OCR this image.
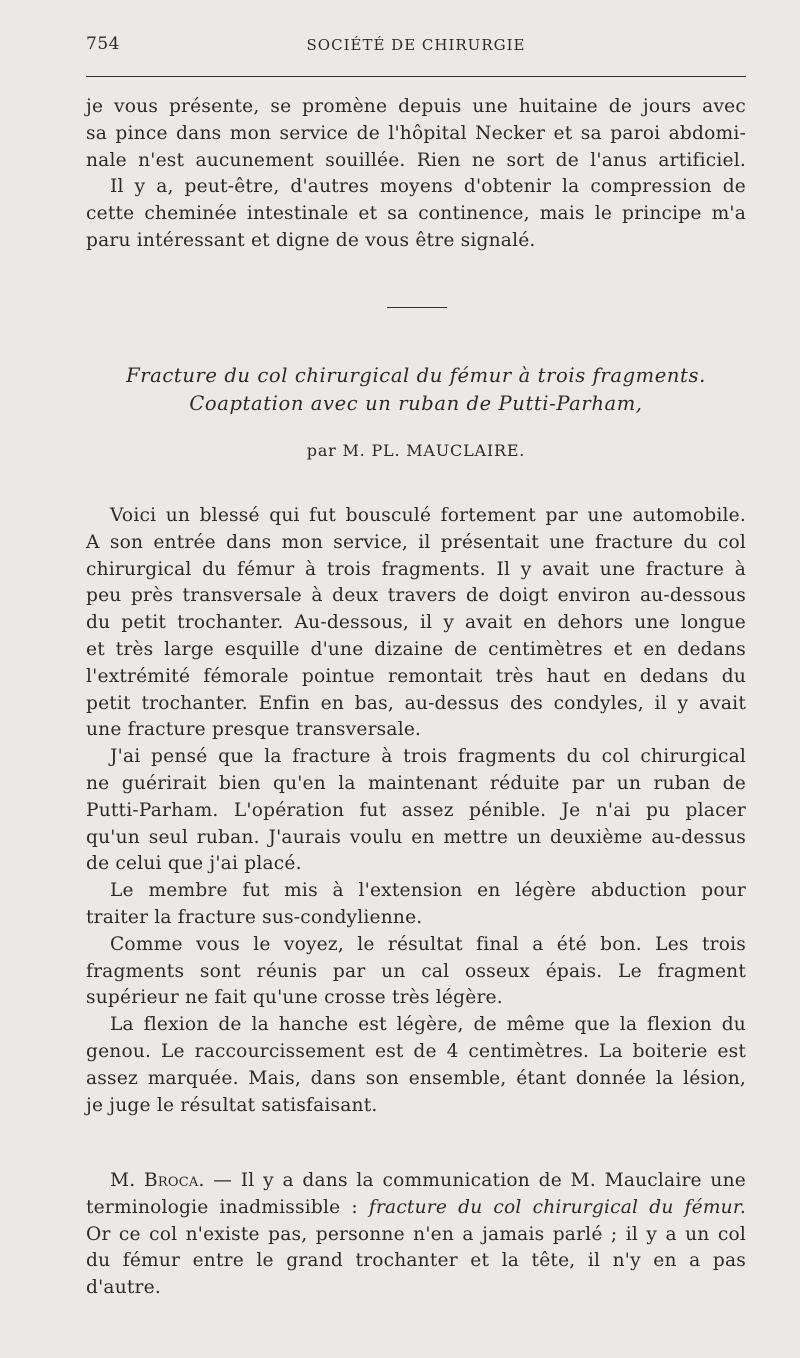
754	SOCIÉTÉ DE CHIRURGIE
je vous présente, se promène depuis une huitaine de jours avec
sa pince dans mon service de l'hôpital Necker et sa paroi abdomi-
nale n'est aucunement souillée. Rien ne sort de l'anus artificiel.
Il y a, peut-être, d'autres moyens d'obtenir la compression de
cette cheminée intestinale et sa continence, mais le principe m'a
paru intéressant et digne de vous être signalé.
Fracture du col chirurgical du fémur à trois fragments.
Coaptation avec un ruban de Putti-Parham,
par M. PL. MAUCLAIRE.
Voici un blessé qui fut bousculé fortement par une automobile.
A son entrée dans mon service, il présentait une fracture du col
chirurgical du fémur à trois fragments. Il y avait une fracture à
peu près transversale à deux travers de doigt environ au-dessous
du petit trochanter. Au-dessous, il y avait en dehors une longue
et très large esquille d'une dizaine de centimètres et en dedans
l'extrémité fémorale pointue remontait très haut en dedans du
petit trochanter. Enfin en bas, au-dessus des condyles, il y avait
une fracture presque transversale.
J'ai pensé que la fracture à trois fragments du col chirurgical
ne guérirait bien qu'en la maintenant réduite par un ruban de
Putti-Parham. L'opération fut assez pénible. Je n'ai pu placer
qu'un seul ruban. J'aurais voulu en mettre un deuxième au-dessus
de celui que j'ai placé.
Le membre fut mis à l'extension en légère abduction pour
traiter la fracture sus-condylienne.
Comme vous le voyez, le résultat final a été bon. Les trois
fragments sont réunis par un cal osseux épais. Le fragment
supérieur ne fait qu'une crosse très légère.
La flexion de la hanche est légère, de même que la flexion du
genou. Le raccourcissement est de 4 centimètres. La boiterie est
assez marquée. Mais, dans son ensemble, étant donnée la lésion,
je juge le résultat satisfaisant.
M. Broca. — Il y a dans la communication de M. Mauclaire une
terminologie inadmissible : fracture du col chirurgical du fémur.
Or ce col n'existe pas, personne n'en a jamais parlé ; il y a un col
du fémur entre le grand trochanter et la tête, il n'y en a pas
d'autre.
